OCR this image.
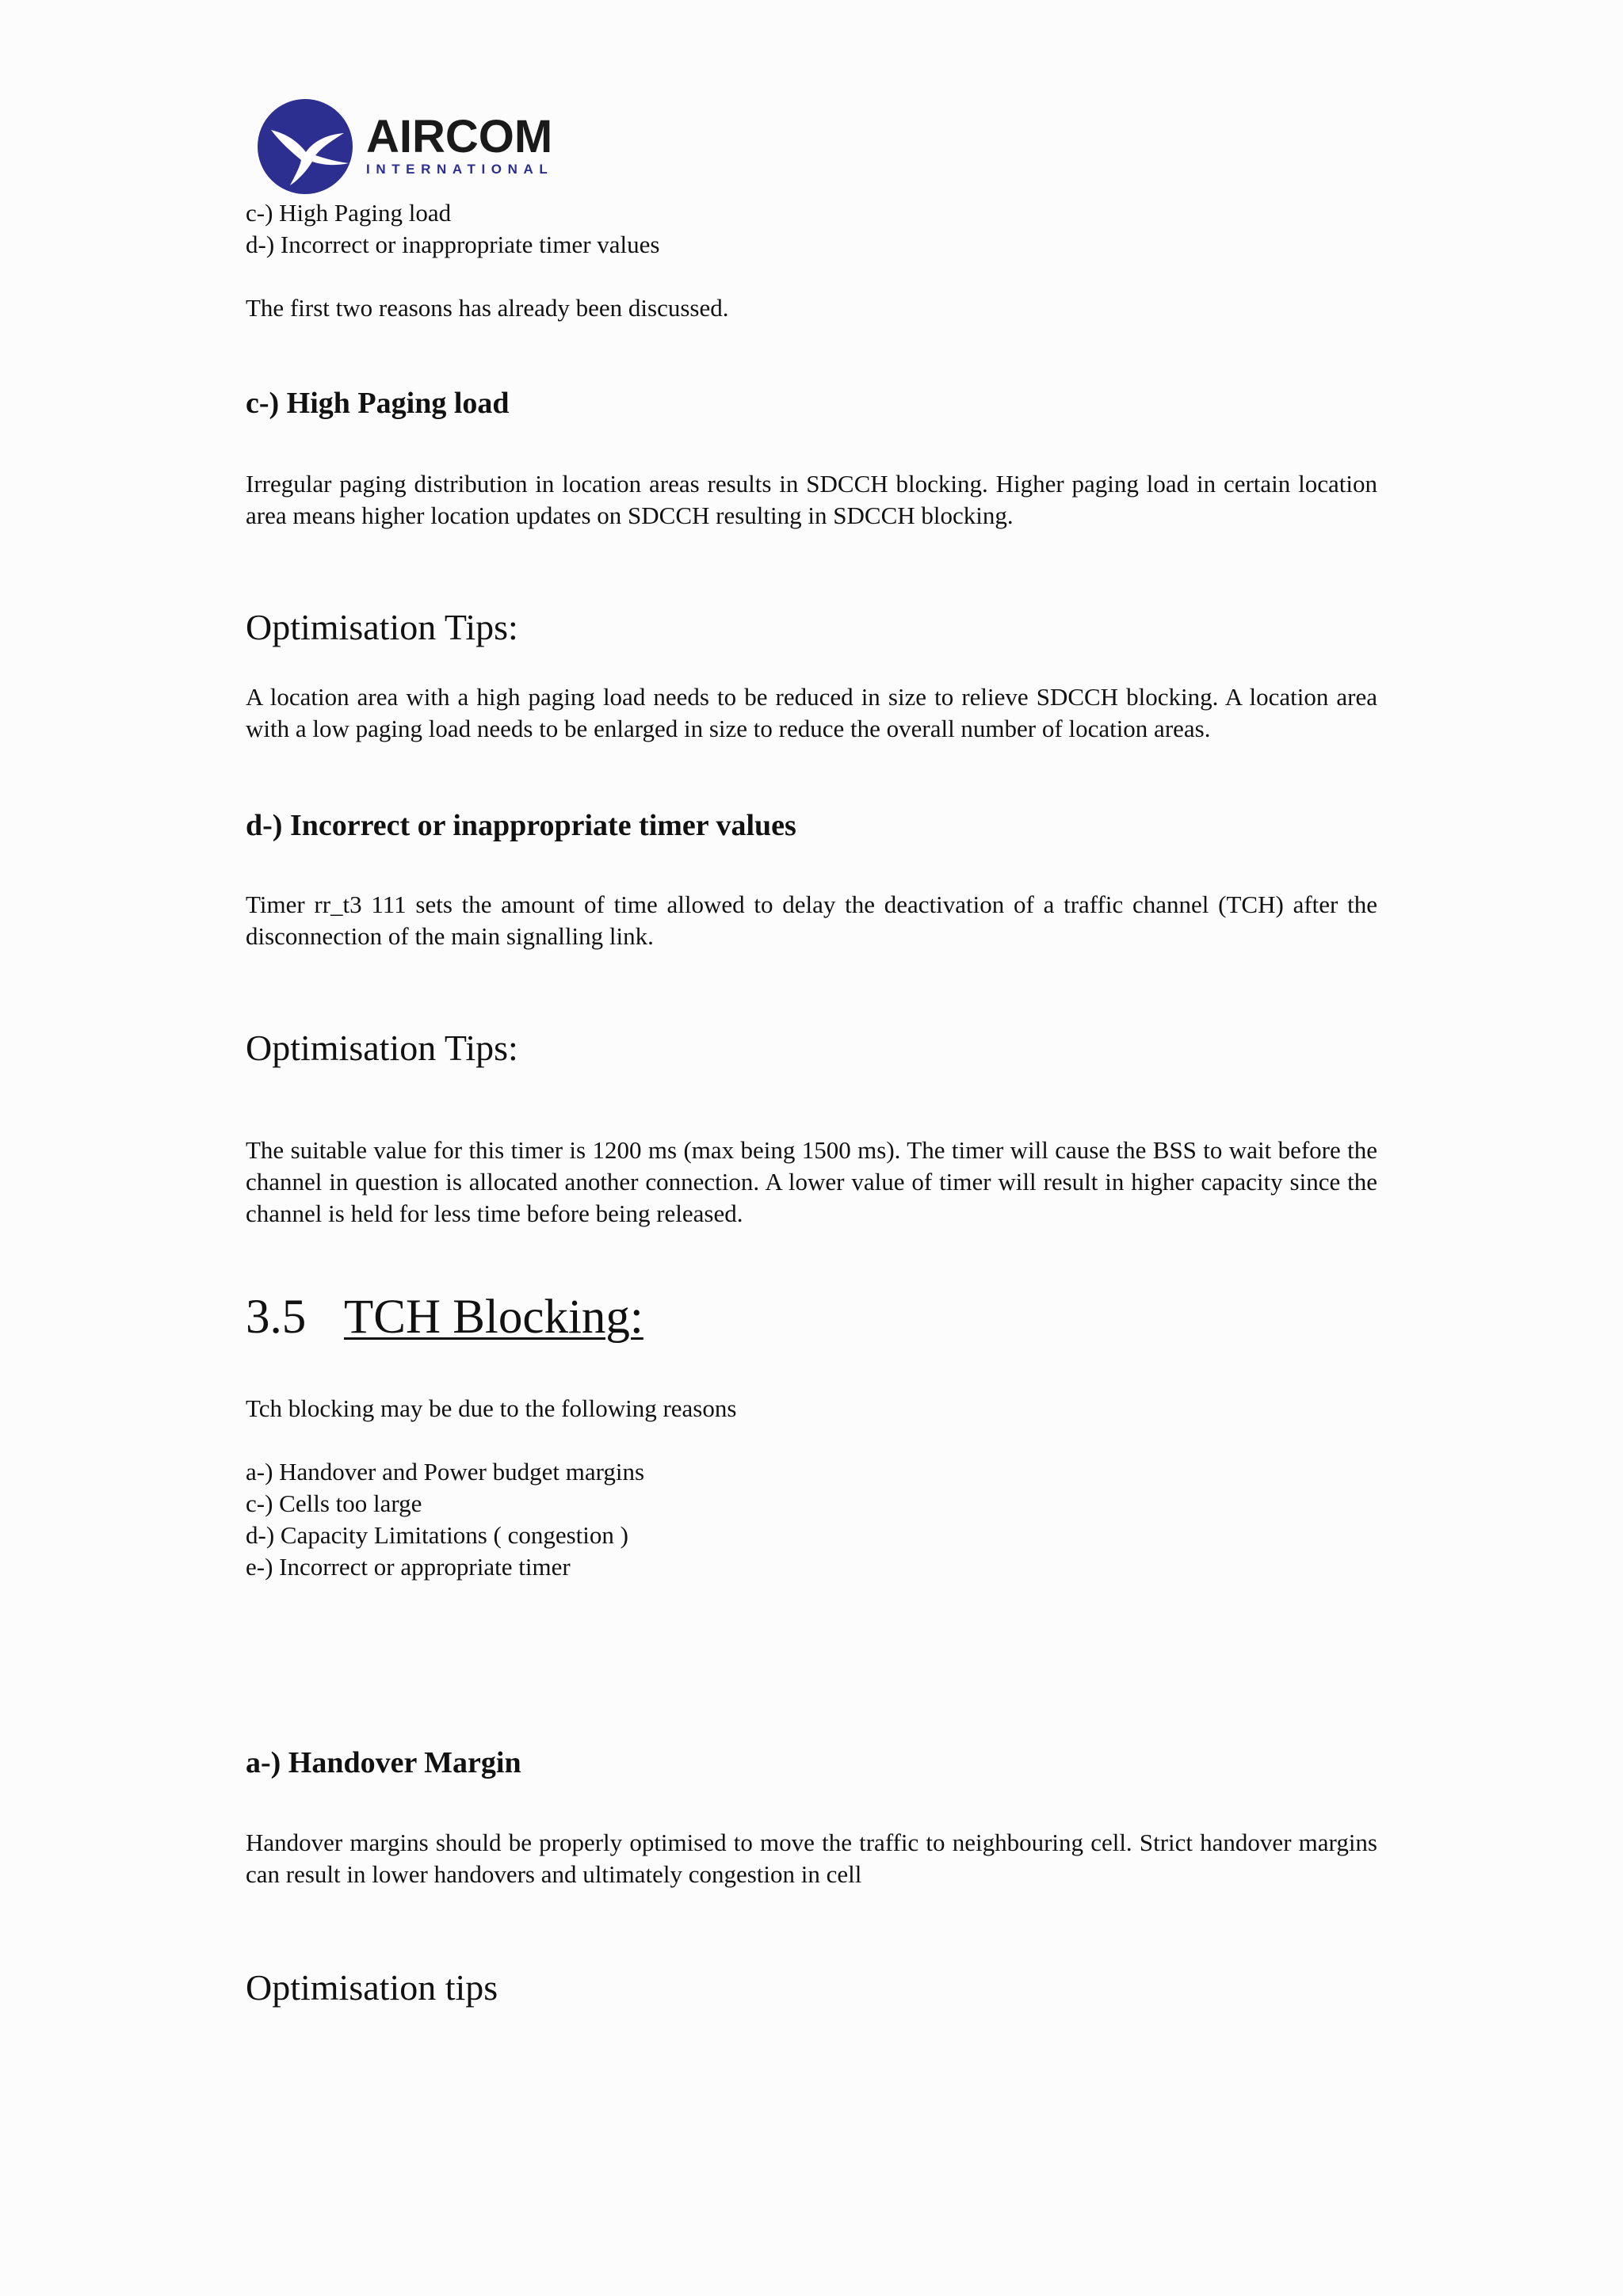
AIRCOM
INTERNATIONAL

c-) High Paging load

d-) Incorrect or inappropriate timer values

The first two reasons has already been discussed.

c-) High Paging load

Irregular paging distribution in location areas results in SDCCH blocking. Higher paging load in certain location area means higher location updates on SDCCH resulting in SDCCH blocking.

Optimisation Tips:

A location area with a high paging load needs to be reduced in size to relieve SDCCH blocking. A location area with a low paging load needs to be enlarged in size to reduce the overall number of location areas.

d-) Incorrect or inappropriate timer values

Timer rr_t3 111 sets the amount of time allowed to delay the deactivation of a traffic channel (TCH) after the disconnection of the main signalling link.

Optimisation Tips:

The suitable value for this timer is 1200 ms (max being 1500 ms). The timer will cause the BSS to wait before the channel in question is allocated another connection. A lower value of timer will result in higher capacity since the channel is held for less time before being released.

3.5 TCH Blocking:

Tch blocking may be due to the following reasons

a-) Handover and Power budget margins

c-) Cells too large

d-) Capacity Limitations ( congestion )

e-) Incorrect or appropriate timer

a-) Handover Margin

Handover margins should be properly optimised to move the traffic to neighbouring cell. Strict handover margins can result in lower handovers and ultimately congestion in cell

Optimisation tips
